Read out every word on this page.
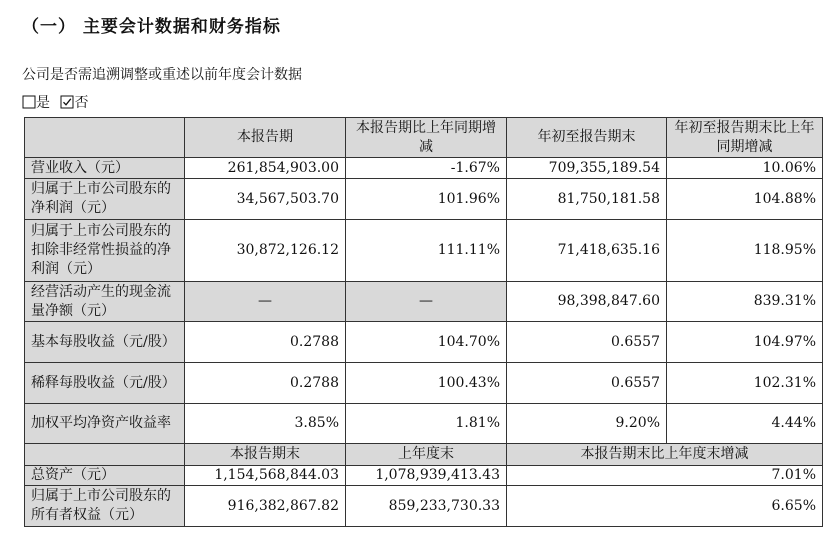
（一） 主要会计数据和财务指标
公司是否需追溯调整或重述以前年度会计数据
是 否
	本报告期	本报告期比上年同期增减	年初至报告期末	年初至报告期末比上年同期增减
营业收入（元）	261,854,903.00	-1.67%	709,355,189.54	10.06%
归属于上市公司股东的净利润（元）	34,567,503.70	101.96%	81,750,181.58	104.88%
归属于上市公司股东的扣除非经常性损益的净利润（元）	30,872,126.12	111.11%	71,418,635.16	118.95%
经营活动产生的现金流量净额（元）	—	—	98,398,847.60	839.31%
基本每股收益（元/股）	0.2788	104.70%	0.6557	104.97%
稀释每股收益（元/股）	0.2788	100.43%	0.6557	102.31%
加权平均净资产收益率	3.85%	1.81%	9.20%	4.44%
	本报告期末	上年度末	本报告期末比上年度末增减	
总资产（元）	1,154,568,844.03	1,078,939,413.43	7.01%	
归属于上市公司股东的所有者权益（元）	916,382,867.82	859,233,730.33	6.65%	
